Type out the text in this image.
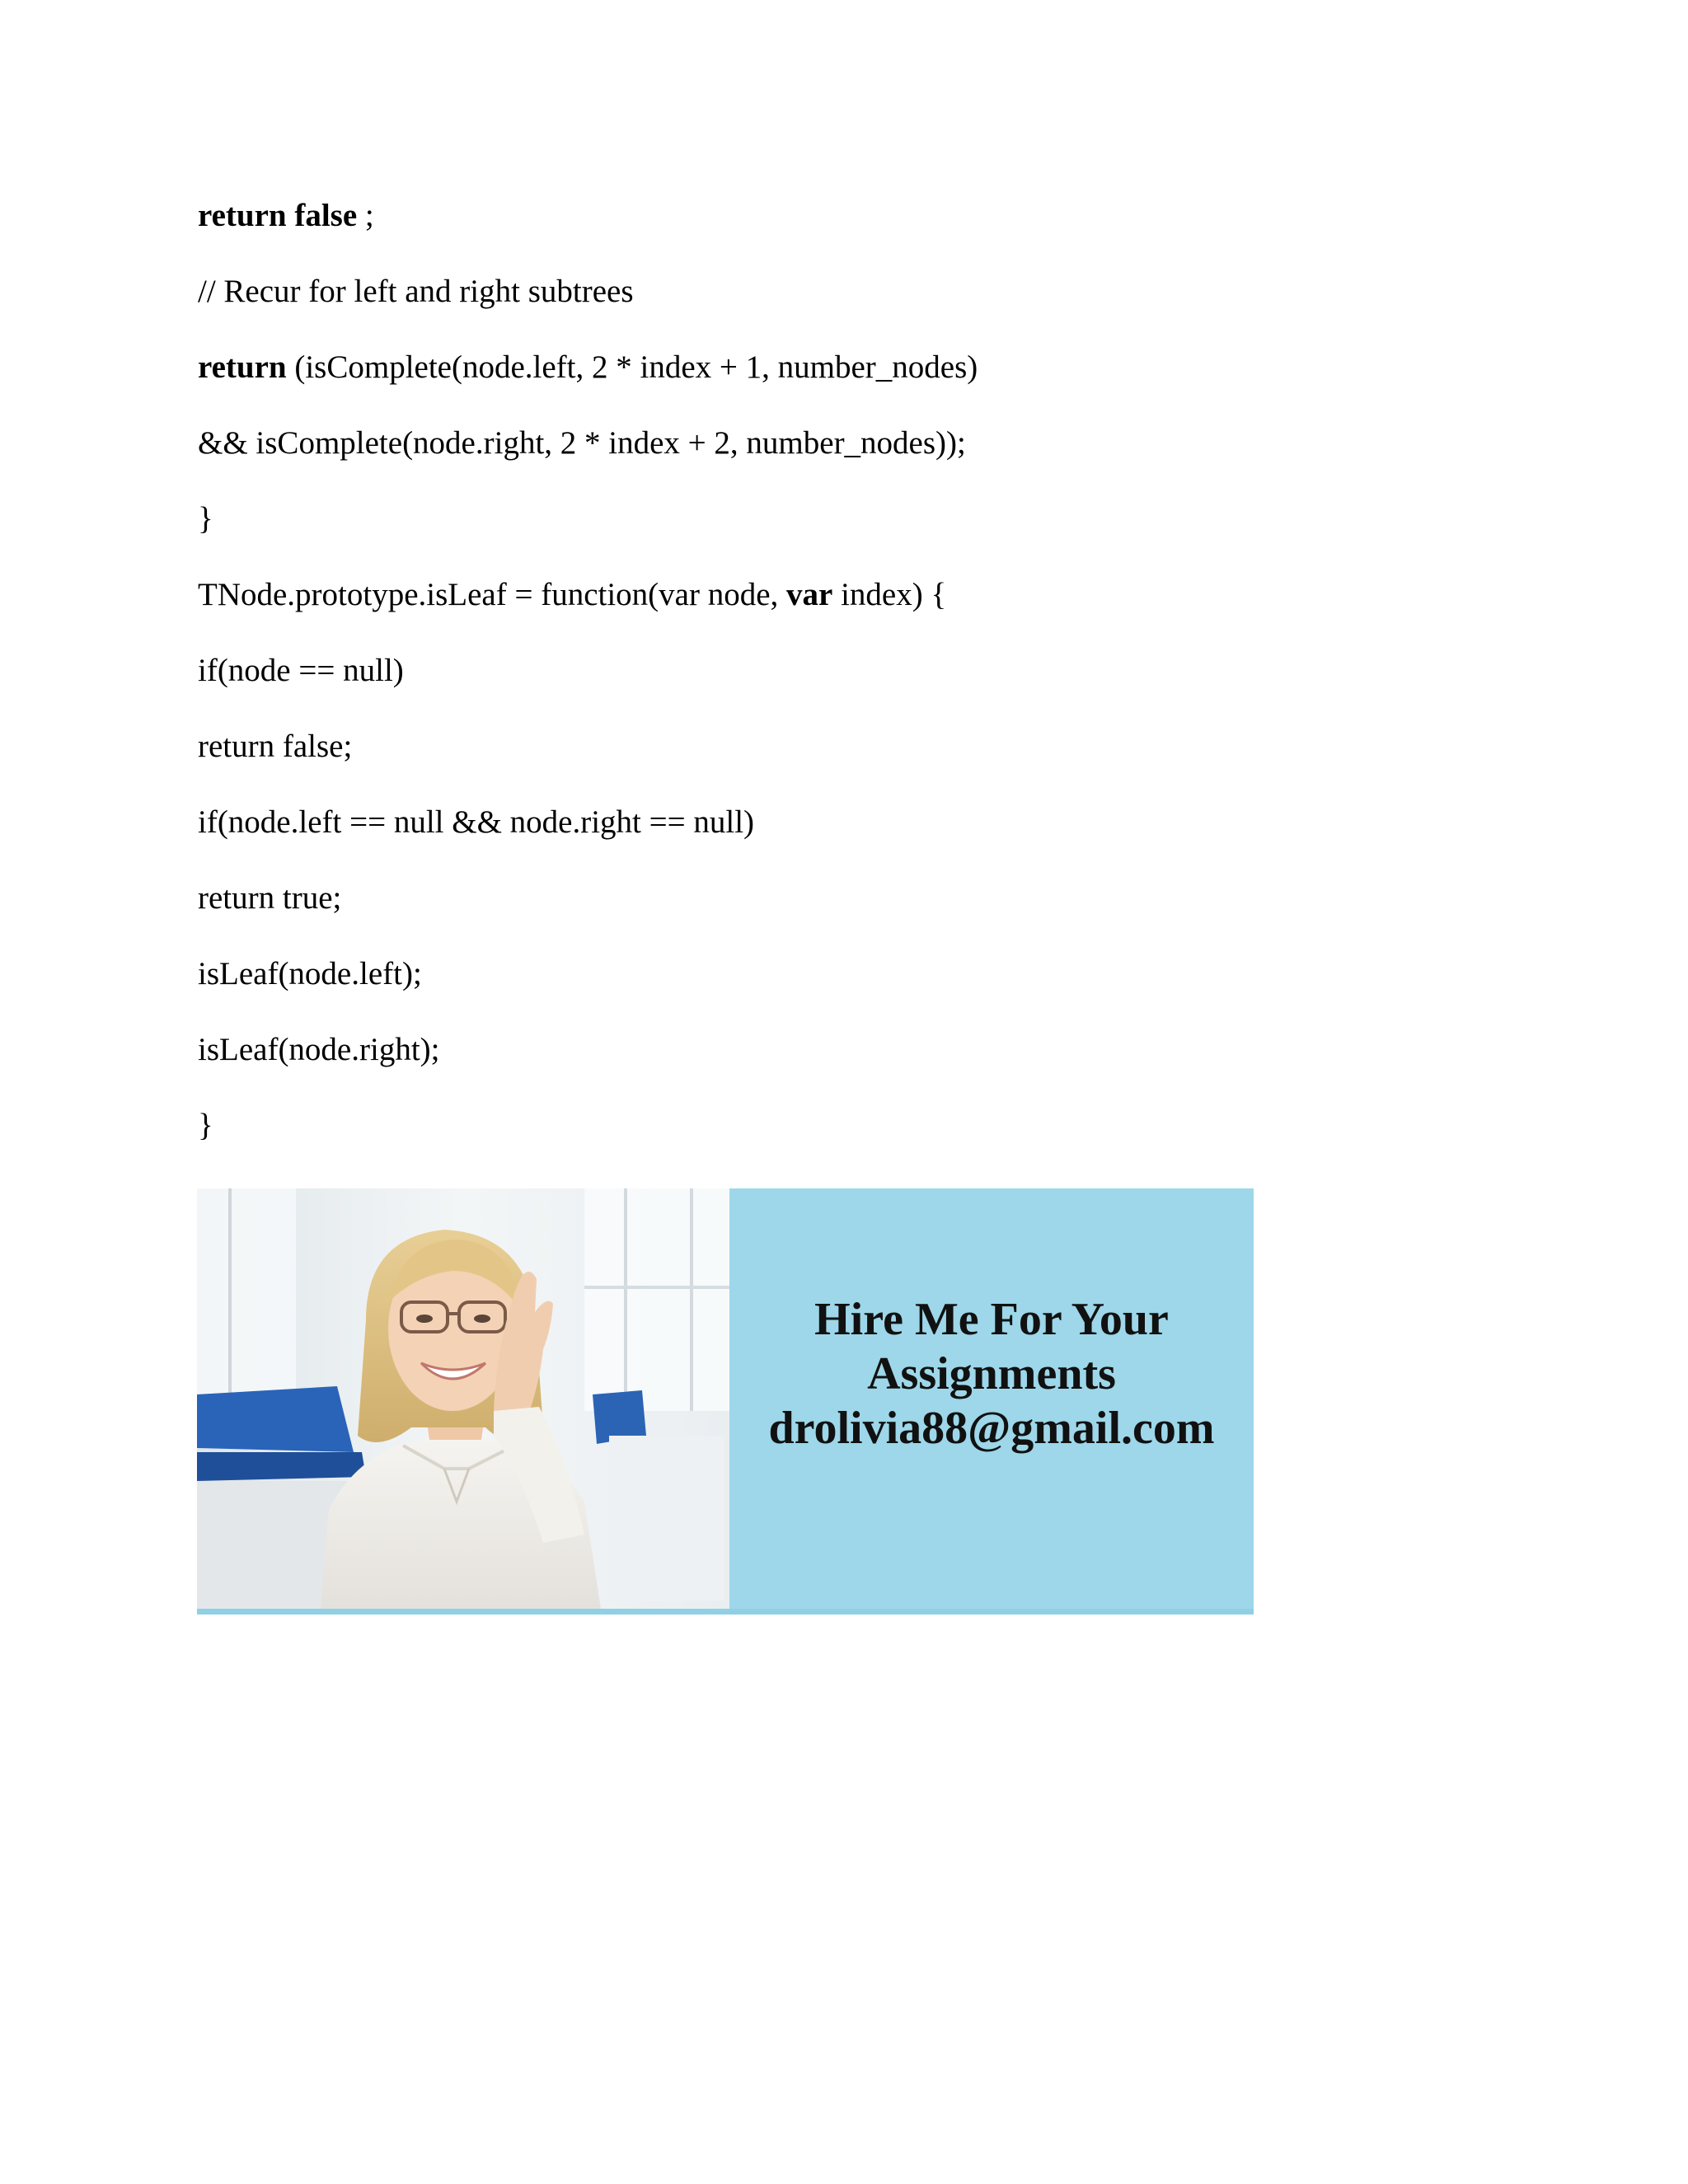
return false ;

// Recur for left and right subtrees

return (isComplete(node.left, 2 * index + 1, number_nodes)

&& isComplete(node.right, 2 * index + 2, number_nodes));

}

TNode.prototype.isLeaf = function(var node, var index) {

if(node == null)

return false;

if(node.left == null && node.right == null)

return true;

isLeaf(node.left);

isLeaf(node.right);

}

Hire Me For Your
Assignments
drolivia88@gmail.com
